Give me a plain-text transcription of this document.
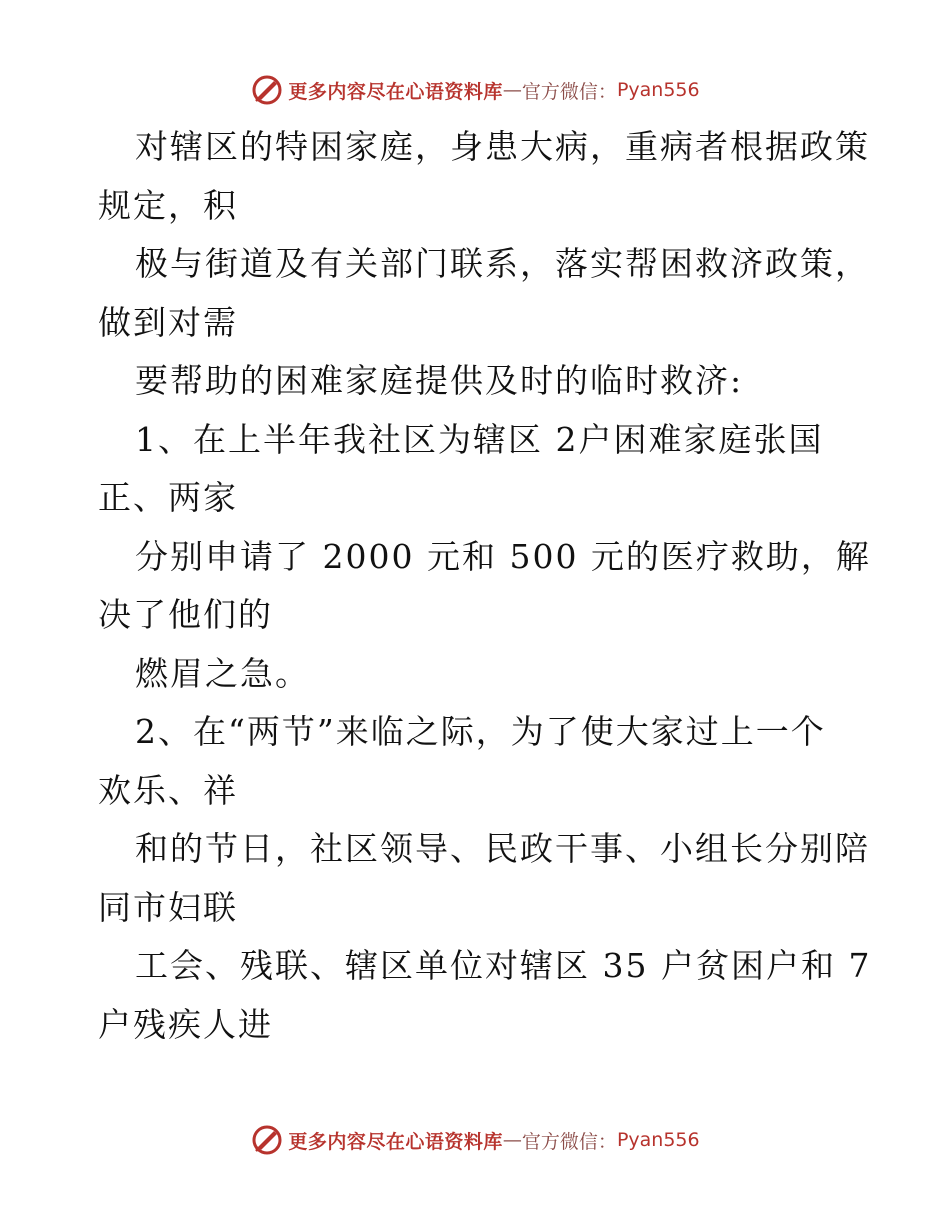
更多内容尽在心语资料库 — 官方微信： Pyan556
对辖区的特困家庭，身患大病，重病者根据政策
规定，积
极与街道及有关部门联系，落实帮困救济政策，
做到对需
要帮助的困难家庭提供及时的临时救济:
1、在上半年我社区为辖区 2户困难家庭张国
正、两家
分别申请了 2000 元和 500 元的医疗救助，解
决了他们的
燃眉之急。
2、在“两节”来临之际，为了使大家过上一个
欢乐、祥
和的节日，社区领导、民政干事、小组长分别陪
同市妇联
工会、残联、辖区单位对辖区 35 户贫困户和 7
户残疾人进
更多内容尽在心语资料库 — 官方微信： Pyan556
